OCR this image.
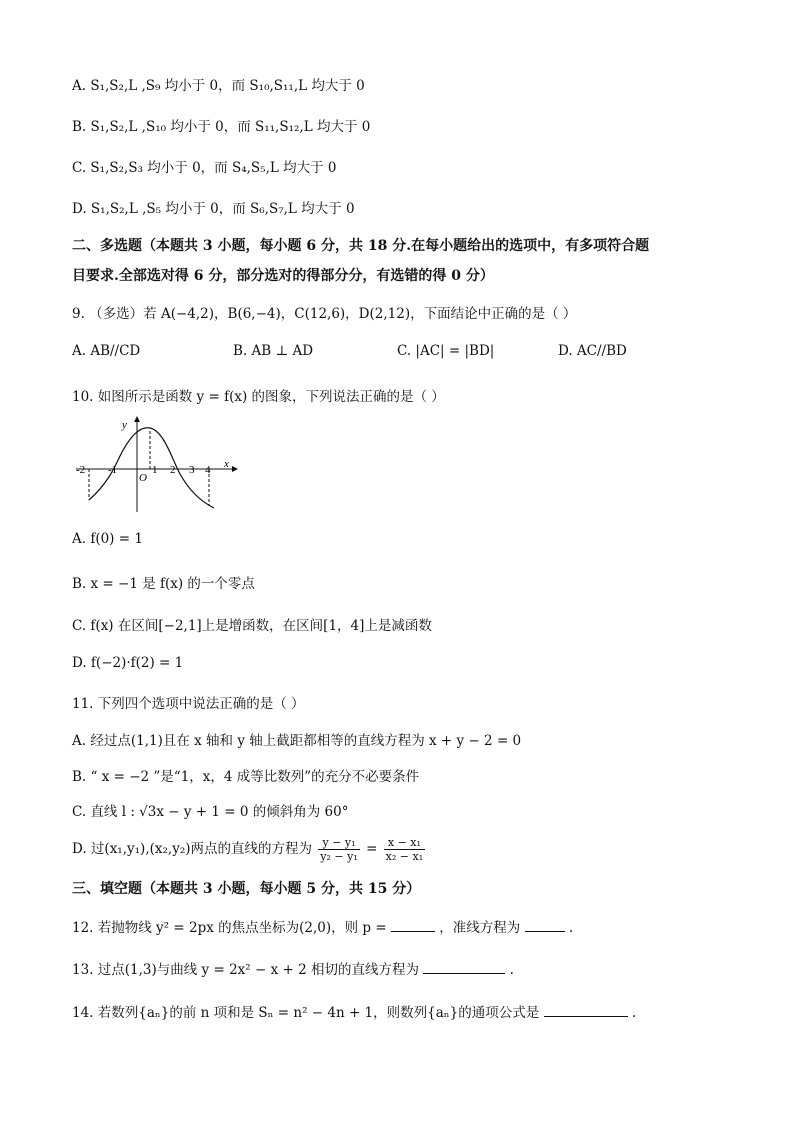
A. S₁,S₂,L ,S₉ 均小于 0，而 S₁₀,S₁₁,L 均大于 0
B. S₁,S₂,L ,S₁₀ 均小于 0，而 S₁₁,S₁₂,L 均大于 0
C. S₁,S₂,S₃ 均小于 0，而 S₄,S₅,L 均大于 0
D. S₁,S₂,L ,S₅ 均小于 0，而 S₆,S₇,L 均大于 0
二、多选题（本题共 3 小题，每小题 6 分，共 18 分.在每小题给出的选项中，有多项符合题
目要求.全部选对得 6 分，部分选对的得部分分，有选错的得 0 分）
9. （多选）若 A(−4,2)，B(6,−4)，C(12,6)，D(2,12)，下面结论中正确的是（ ）
A. AB//CD	B. AB ⊥ AD	C. |AC| = |BD|	D. AC//BD
10. 如图所示是函数 y = f(x) 的图象，下列说法正确的是（ ）
y
x
O
-2 -1	1 2 3 4
A. f(0) = 1
B. x = −1 是 f(x) 的一个零点
C. f(x) 在区间[−2,1]上是增函数，在区间[1，4]上是减函数
D. f(−2)·f(2) = 1
11. 下列四个选项中说法正确的是（ ）
A. 经过点(1,1)且在 x 轴和 y 轴上截距都相等的直线方程为 x + y − 2 = 0
B. “ x = −2 ”是“1，x，4 成等比数列”的充分不必要条件
C. 直线 l : √3x − y + 1 = 0 的倾斜角为 60°
D. 过(x₁,y₁),(x₂,y₂)两点的直线的方程为 $\frac{\text{y − y₁}}{\text{y₂ − y₁}} = \frac{\text{x − x₁}}{\text{x₂ − x₁}}$
三、填空题（本题共 3 小题，每小题 5 分，共 15 分）
12. 若抛物线 y² = 2px 的焦点坐标为(2,0)，则 p =	，准线方程为	.
13. 过点(1,3)与曲线 y = 2x² − x + 2 相切的直线方程为	.
14. 若数列{aₙ}的前 n 项和是 Sₙ = n² − 4n + 1，则数列{aₙ}的通项公式是	.
